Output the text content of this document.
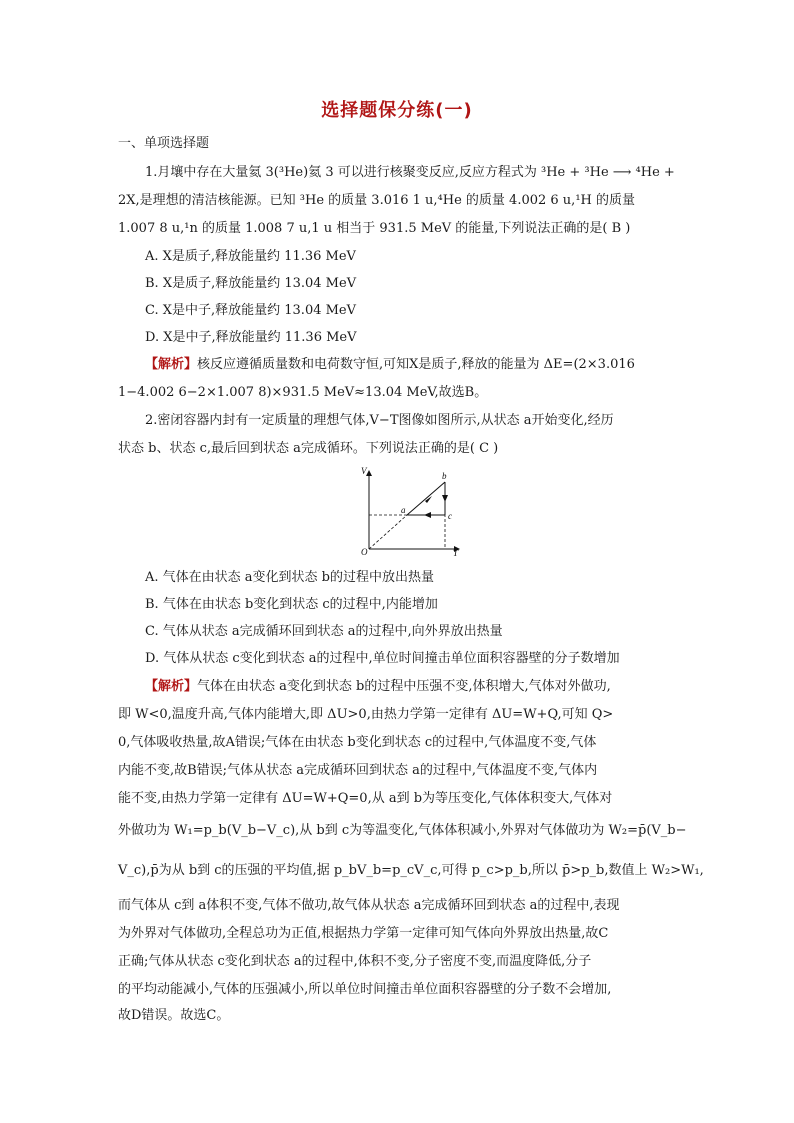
选择题保分练(一)
一、单项选择题
1.月壤中存在大量氦 3(³He)氦 3 可以进行核聚变反应,反应方程式为 ³He + ³He ⟶ ⁴He +
2X,是理想的清洁核能源。已知 ³He 的质量 3.016 1 u,⁴He 的质量 4.002 6 u,¹H 的质量
1.007 8 u,¹n 的质量 1.008 7 u,1 u 相当于 931.5 MeV 的能量,下列说法正确的是( B )
A. X是质子,释放能量约 11.36 MeV
B. X是质子,释放能量约 13.04 MeV
C. X是中子,释放能量约 13.04 MeV
D. X是中子,释放能量约 11.36 MeV
【解析】核反应遵循质量数和电荷数守恒,可知X是质子,释放的能量为 ΔE=(2×3.016
1−4.002 6−2×1.007 8)×931.5 MeV≈13.04 MeV,故选B。
2.密闭容器内封有一定质量的理想气体,V−T图像如图所示,从状态 a开始变化,经历
状态 b、状态 c,最后回到状态 a完成循环。下列说法正确的是( C )
V
T
O
a
b
c
A. 气体在由状态 a变化到状态 b的过程中放出热量
B. 气体在由状态 b变化到状态 c的过程中,内能增加
C. 气体从状态 a完成循环回到状态 a的过程中,向外界放出热量
D. 气体从状态 c变化到状态 a的过程中,单位时间撞击单位面积容器壁的分子数增加
【解析】气体在由状态 a变化到状态 b的过程中压强不变,体积增大,气体对外做功,
即 W<0,温度升高,气体内能增大,即 ΔU>0,由热力学第一定律有 ΔU=W+Q,可知 Q>
0,气体吸收热量,故A错误;气体在由状态 b变化到状态 c的过程中,气体温度不变,气体
内能不变,故B错误;气体从状态 a完成循环回到状态 a的过程中,气体温度不变,气体内
能不变,由热力学第一定律有 ΔU=W+Q=0,从 a到 b为等压变化,气体体积变大,气体对
外做功为 W₁=p_b(V_b−V_c),从 b到 c为等温变化,气体体积减小,外界对气体做功为 W₂=p̄(V_b−
V_c),p̄为从 b到 c的压强的平均值,据 p_bV_b=p_cV_c,可得 p_c>p_b,所以 p̄>p_b,数值上 W₂>W₁,
而气体从 c到 a体积不变,气体不做功,故气体从状态 a完成循环回到状态 a的过程中,表现
为外界对气体做功,全程总功为正值,根据热力学第一定律可知气体向外界放出热量,故C
正确;气体从状态 c变化到状态 a的过程中,体积不变,分子密度不变,而温度降低,分子
的平均动能减小,气体的压强减小,所以单位时间撞击单位面积容器壁的分子数不会增加,
故D错误。故选C。
